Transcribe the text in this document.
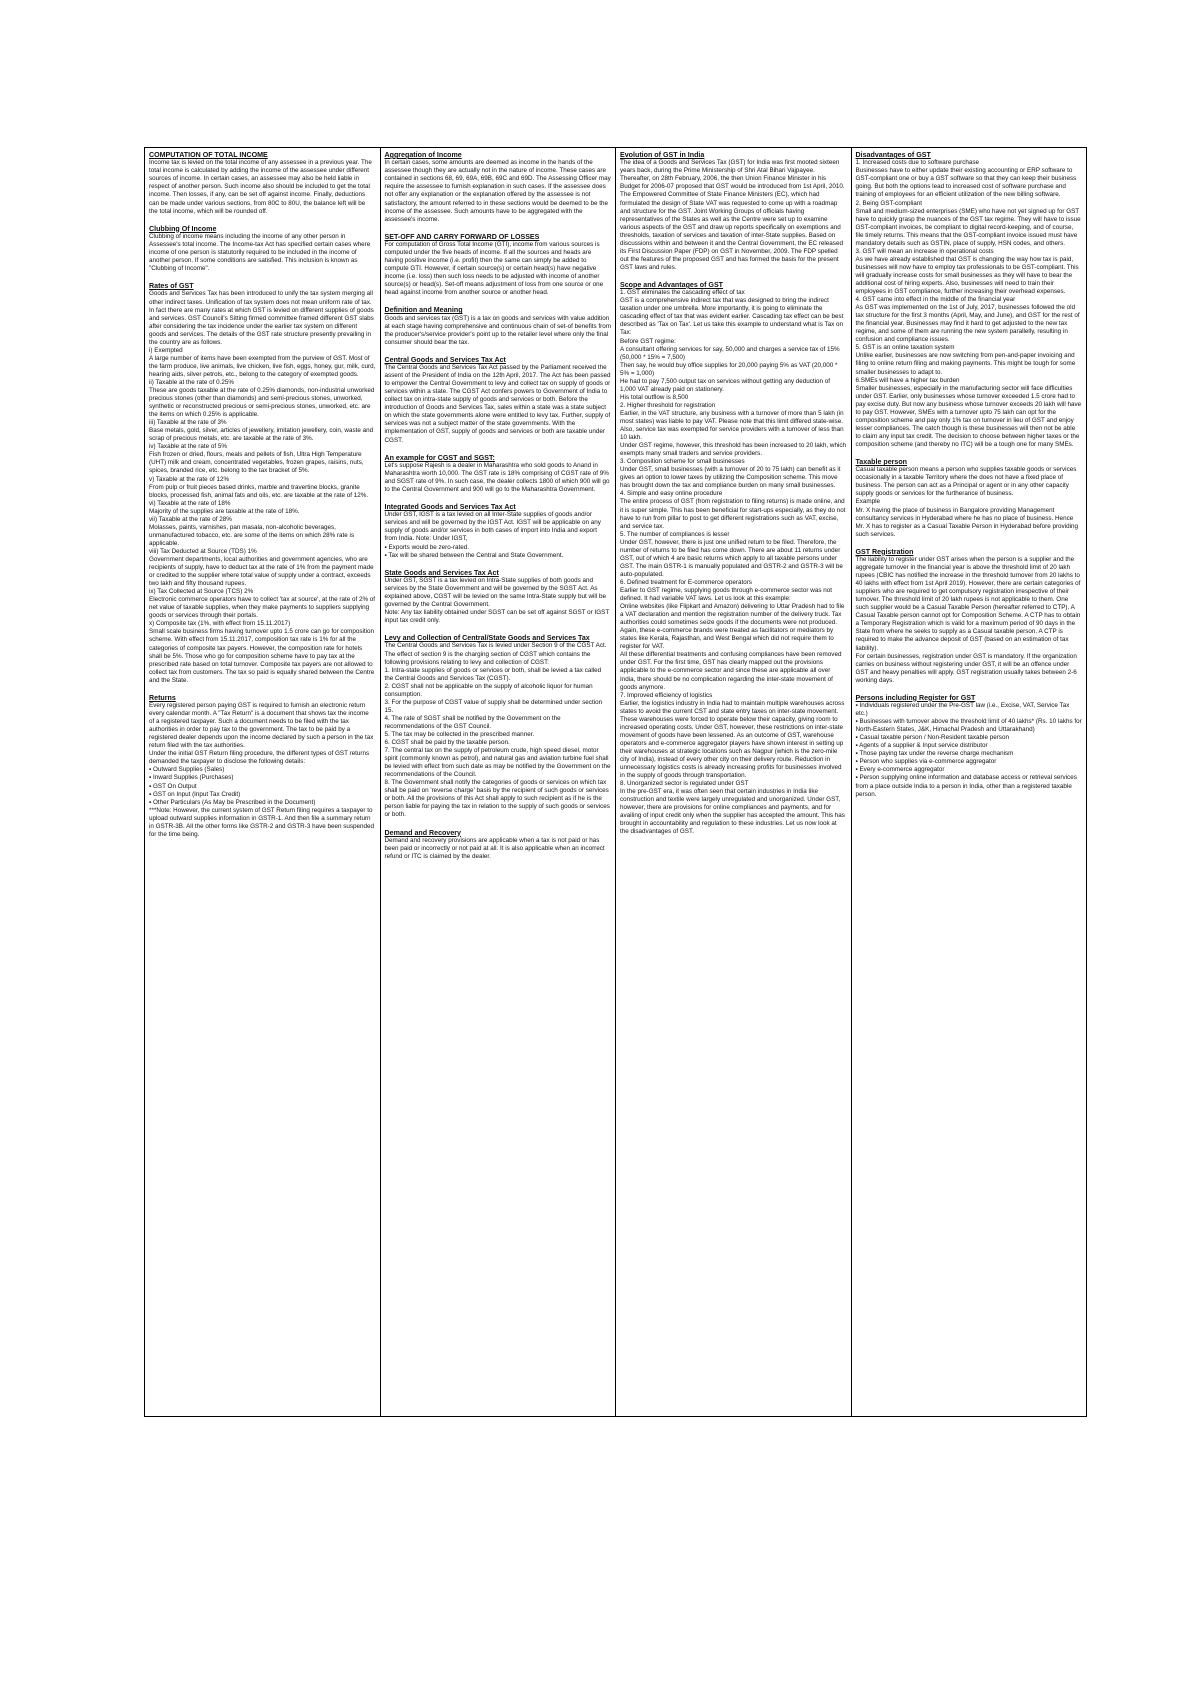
COMPUTATION OF TOTAL INCOME
Income tax is levied on the total income of any assessee in a previous year. The total income is calculated by adding the income of the assessee under different sources of income. In certain cases, an assessee may also be held liable in respect of another person. Such income also should be included to get the total income. Then losses, if any, can be set off against income. Finally, deductions can be made under various sections, from 80C to 80U, the balance left will be the total income, which will be rounded off.
Clubbing Of Income
Clubbing of income means including the income of any other person in Assessee's total income. The Income-tax Act has specified certain cases where income of one person is statutorily required to be included in the income of another person. If some conditions are satisfied. This inclusion is known as "Clubbing of Income".
Rates of GST
Goods and Services Tax has been introduced to unify the tax system merging all other indirect taxes. Unification of tax system does not mean uniform rate of tax. In fact there are many rates at which GST is levied on different supplies of goods and services. GST Council's Sitting firmed committee framed different GST slabs after considering the tax incidence under the earlier tax system on different goods and services. The details of the GST rate structure presently prevailing in the country are as follows.
i) Exempted
A large number of items have been exempted from the purview of GST. Most of the farm produce, live animals, live chicken, live fish, eggs, honey, gur, milk, curd, hearing aids, silver petrols, etc., belong to the category of exempted goods.
ii) Taxable at the rate of 0.25%
These are goods taxable at the rate of 0.25% diamonds, non-industrial unworked precious stones (other than diamonds) and semi-precious stones, unworked, synthetic or reconstructed precious or semi-precious stones, unworked, etc. are the items on which 0.25% is applicable.
iii) Taxable at the rate of 3%
Base metals, gold, silver, articles of jewellery, imitation jewellery, coin, waste and scrap of precious metals, etc. are taxable at the rate of 3%.
iv) Taxable at the rate of 5%
Fish frozen or dried, flours, meals and pellets of fish, Ultra High Temperature (UHT) milk and cream, concentrated vegetables, frozen grapes, raisins, nuts, spices, branded rice, etc. belong to the tax bracket of 5%.
v) Taxable at the rate of 12%
From pulp or fruit pieces based drinks, marble and travertine blocks, granite blocks, processed fish, animal fats and oils, etc. are taxable at the rate of 12%.
vi) Taxable at the rate of 18%
Majority of the supplies are taxable at the rate of 18%.
vii) Taxable at the rate of 28%
Molasses, paints, varnishes, pan masala, non-alcoholic beverages, unmanufactured tobacco, etc. are some of the items on which 28% rate is applicable.
viii) Tax Deducted at Source (TDS) 1%
Government departments, local authorities and government agencies, who are recipients of supply, have to deduct tax at the rate of 1% from the payment made or credited to the supplier where total value of supply under a contract, exceeds two lakh and fifty thousand rupees.
ix) Tax Collected at Source (TCS) 2%
Electronic commerce operators have to collect 'tax at source', at the rate of 2% of net value of taxable supplies, when they make payments to suppliers supplying goods or services through their portals.
x) Composite tax (1%, with effect from 15.11.2017)
Small scale business firms having turnover upto 1.5 crore can go for composition scheme. With effect from 15.11.2017, composition tax rate is 1% for all the categories of composite tax payers. However, the composition rate for hotels shall be 5%. Those who go for composition scheme have to pay tax at the prescribed rate based on total turnover. Composite tax payers are not allowed to collect tax from customers. The tax so paid is equally shared between the Centre and the State.
Returns
Every registered person paying GST is required to furnish an electronic return every calendar month. A "Tax Return" is a document that shows tax the income of a registered taxpayer. Such a document needs to be filed with the tax authorities in order to pay tax to the government. The tax to be paid by a registered dealer depends upon the income declared by such a person in the tax return filed with the tax authorities.
Under the initial GST Return filing procedure, the different types of GST returns demanded the taxpayer to disclose the following details:
▪ Outward Supplies (Sales)
▪ Inward Supplies (Purchases)
▪ GST On Output
▪ GST on Input (Input Tax Credit)
▪ Other Particulars (As May be Prescribed in the Document)
***Note: However, the current system of GST Return filing requires a taxpayer to upload outward supplies information in GSTR-1. And then file a summary return in GSTR-3B. All the other forms like GSTR-2 and GSTR-3 have been suspended for the time being.
Aggregation of Income
In certain cases, some amounts are deemed as income in the hands of the assessee though they are actually not in the nature of income. These cases are contained in sections 68, 69, 69A, 69B, 69C and 69D. The Assessing Officer may require the assessee to furnish explanation in such cases. If the assessee does not offer any explanation or the explanation offered by the assessee is not satisfactory, the amount referred to in these sections would be deemed to be the income of the assessee. Such amounts have to be aggregated with the assessee's income.
SET-OFF AND CARRY FORWARD OF LOSSES
For computation of Gross Total Income (GTI), income from various sources is computed under the five heads of income. If all the sources and heads are having positive income (i.e. profit) then the same can simply be added to compute GTI. However, if certain source(s) or certain head(s) have negative income (i.e. loss) then such loss needs to be adjusted with income of another source(s) or head(s). Set-off means adjustment of loss from one source or one head against income from another source or another head.
Definition and Meaning
Goods and services tax (GST) is a tax on goods and services with value addition at each stage having comprehensive and continuous chain of set-of benefits from the producer's/service provider's point up to the retailer level where only the final consumer should bear the tax.
Central Goods and Services Tax Act
The Central Goods and Services Tax Act passed by the Parliament received the assent of the President of India on the 12th April, 2017. The Act has been passed to empower the Central Government to levy and collect tax on supply of goods or services within a state. The CGST Act confers powers to Government of India to collect tax on intra-state supply of goods and services or both. Before the introduction of Goods and Services Tax, sales within a state was a state subject on which the state governments alone were entitled to levy tax. Further, supply of services was not a subject matter of the state governments. With the implementation of GST, supply of goods and services or both are taxable under CGST.
An example for CGST and SGST:
Let's suppose Rajesh is a dealer in Maharashtra who sold goods to Anand in Maharashtra worth 10,000. The GST rate is 18% comprising of CGST rate of 9% and SGST rate of 9%. In such case, the dealer collects 1800 of which 900 will go to the Central Government and 900 will go to the Maharashtra Government.
Integrated Goods and Services Tax Act
Under GST, IGST is a tax levied on all Inter-State supplies of goods and/or services and will be governed by the IGST Act. IGST will be applicable on any supply of goods and/or services in both cases of import into India and export from India. Note: Under IGST,
▪ Exports would be zero-rated.
▪ Tax will be shared between the Central and State Government.
State Goods and Services Tax Act
Under GST, SGST is a tax levied on Intra-State supplies of both goods and services by the State Government and will be governed by the SGST Act. As explained above, CGST will be levied on the same Intra-State supply but will be governed by the Central Government.
Note: Any tax liability obtained under SGST can be set off against SGST or IGST input tax credit only.
Levy and Collection of Central/State Goods and Services Tax
The Central Goods and Services Tax is levied under Section 9 of the CGST Act. The effect of section 9 is the charging section of CGST which contains the following provisions relating to levy and collection of CGST:
1. Intra-state supplies of goods or services or both, shall be levied a tax called the Central Goods and Services Tax (CGST).
2. CGST shall not be applicable on the supply of alcoholic liquor for human consumption.
3. For the purpose of CGST value of supply shall be determined under section 15.
4. The rate of SGST shall be notified by the Government on the recommendations of the GST Council.
5. The tax may be collected in the prescribed manner.
6. CGST shall be paid by the taxable person.
7. The central tax on the supply of petroleum crude, high speed diesel, motor spirit (commonly known as petrol), and natural gas and aviation turbine fuel shall be levied with effect from such date as may be notified by the Government on the recommendations of the Council.
8. The Government shall notify the categories of goods or services on which tax shall be paid on 'reverse charge' basis by the recipient of such goods or services or both. All the provisions of this Act shall apply to such recipient as if he is the person liable for paying the tax in relation to the supply of such goods or services or both.
Demand and Recovery
Demand and recovery provisions are applicable when a tax is not paid or has been paid or incorrectly or not paid at all. It is also applicable when an incorrect refund or ITC is claimed by the dealer.
Evolution of GST in India
The idea of a Goods and Services Tax (GST) for India was first mooted sixteen years back, during the Prime Ministership of Shri Atal Bihari Vajpayee. Thereafter, on 28th February, 2006, the then Union Finance Minister in his Budget for 2006-07 proposed that GST would be introduced from 1st April, 2010. The Empowered Committee of State Finance Ministers (EC), which had formulated the design of State VAT was requested to come up with a roadmap and structure for the GST. Joint Working Groups of officials having representatives of the States as well as the Centre were set up to examine various aspects of the GST and draw up reports specifically on exemptions and thresholds, taxation of services and taxation of inter-State supplies. Based on discussions within and between it and the Central Government, the EC released its First Discussion Paper (FDP) on GST in November, 2009. The FDP spelled out the features of the proposed GST and has formed the basis for the present GST laws and rules.
Scope and Advantages of GST
1. GST eliminates the cascading effect of tax
GST is a comprehensive indirect tax that was designed to bring the indirect taxation under one umbrella. More importantly, it is going to eliminate the cascading effect of tax that was evident earlier. Cascading tax effect can be best described as 'Tax on Tax'. Let us take this example to understand what is Tax on Tax:
Before GST regime:
A consultant offering services for say, 50,000 and charges a service tax of 15% (50,000 * 15% = 7,500)
Then say, he would buy office supplies for 20,000 paying 5% as VAT (20,000 * 5% = 1,000)
He had to pay 7,500 output tax on services without getting any deduction of 1,000 VAT already paid on stationery.
His total outflow is 8,500
2. Higher threshold for registration
Earlier, in the VAT structure, any business with a turnover of more than 5 lakh (in most states) was liable to pay VAT. Please note that this limit differed state-wise. Also, service tax was exempted for service providers with a turnover of less than 10 lakh.
Under GST regime, however, this threshold has been increased to 20 lakh, which exempts many small traders and service providers.
3. Composition scheme for small businesses
Under GST, small businesses (with a turnover of 20 to 75 lakh) can benefit as it gives an option to lower taxes by utilizing the Composition scheme. This move has brought down the tax and compliance burden on many small businesses.
4. Simple and easy online procedure
The entire process of GST (from registration to filing returns) is made online, and it is super simple. This has been beneficial for start-ups especially, as they do not have to run from pillar to post to get different registrations such as VAT, excise, and service tax.
5. The number of compliances is lesser
Under GST, however, there is just one unified return to be filed. Therefore, the number of returns to be filed has come down. There are about 11 returns under GST, out of which 4 are basic returns which apply to all taxable persons under GST. The main GSTR-1 is manually populated and GSTR-2 and GSTR-3 will be auto-populated.
6. Defined treatment for E-commerce operators
Earlier to GST regime, supplying goods through e-commerce sector was not defined. It had variable VAT laws. Let us look at this example:
Online websites (like Flipkart and Amazon) delivering to Uttar Pradesh had to file a VAT declaration and mention the registration number of the delivery truck. Tax authorities could sometimes seize goods if the documents were not produced.
Again, these e-commerce brands were treated as facilitators or mediators by states like Kerala, Rajasthan, and West Bengal which did not require them to register for VAT.
All these differential treatments and confusing compliances have been removed under GST. For the first time, GST has clearly mapped out the provisions applicable to the e-commerce sector and since these are applicable all over India, there should be no complication regarding the inter-state movement of goods anymore.
7. Improved efficiency of logistics
Earlier, the logistics industry in India had to maintain multiple warehouses across states to avoid the current CST and state entry taxes on inter-state movement. These warehouses were forced to operate below their capacity, giving room to increased operating costs. Under GST, however, these restrictions on inter-state movement of goods have been lessened. As an outcome of GST, warehouse operators and e-commerce aggregator players have shown interest in setting up their warehouses at strategic locations such as Nagpur (which is the zero-mile city of India), instead of every other city on their delivery route. Reduction in unnecessary logistics costs is already increasing profits for businesses involved in the supply of goods through transportation.
8. Unorganized sector is regulated under GST
In the pre-GST era, it was often seen that certain industries in India like construction and textile were largely unregulated and unorganized. Under GST, however, there are provisions for online compliances and payments, and for availing of input credit only when the supplier has accepted the amount. This has brought in accountability and regulation to these industries. Let us now look at the disadvantages of GST.
Disadvantages of GST
1. Increased costs due to software purchase
Businesses have to either update their existing accounting or ERP software to GST-compliant one or buy a GST software so that they can keep their business going. But both the options lead to increased cost of software purchase and training of employees for an efficient utilization of the new billing software.
2. Being GST-compliant
Small and medium-sized enterprises (SME) who have not yet signed up for GST have to quickly grasp the nuances of the GST tax regime. They will have to issue GST-compliant invoices, be compliant to digital record-keeping, and of course, file timely returns. This means that the GST-compliant invoice issued must have mandatory details such as GSTIN, place of supply, HSN codes, and others.
3. GST will mean an increase in operational costs
As we have already established that GST is changing the way how tax is paid, businesses will now have to employ tax professionals to be GST-compliant. This will gradually increase costs for small businesses as they will have to bear the additional cost of hiring experts. Also, businesses will need to train their employees in GST compliance, further increasing their overhead expenses.
4. GST came into effect in the middle of the financial year
As GST was implemented on the 1st of July, 2017, businesses followed the old tax structure for the first 3 months (April, May, and June), and GST for the rest of the financial year. Businesses may find it hard to get adjusted to the new tax regime, and some of them are running the new system parallelly, resulting in confusion and compliance issues.
5. GST is an online taxation system
Unlike earlier, businesses are now switching from pen-and-paper invoicing and filing to online return filing and making payments. This might be tough for some smaller businesses to adapt to.
6.SMEs will have a higher tax burden
Smaller businesses, especially in the manufacturing sector will face difficulties under GST. Earlier, only businesses whose turnover exceeded 1.5 crore had to pay excise duty. But now any business whose turnover exceeds 20 lakh will have to pay GST. However, SMEs with a turnover upto 75 lakh can opt for the composition scheme and pay only 1% tax on turnover in lieu of GST and enjoy lesser compliances. The catch though is these businesses will then not be able to claim any input tax credit. The decision to choose between higher taxes or the composition scheme (and thereby no ITC) will be a tough one for many SMEs.
Taxable person
Casual taxable person means a person who supplies taxable goods or services occasionally in a taxable Territory where the does not have a fixed place of business. The person can act as a Principal or agent or in any other capacity supply goods or services for the furtherance of business.
Example
Mr. X having the place of business in Bangalore providing Management consultancy services in Hyderabad where he has no place of business. Hence Mr. X has to register as a Casual Taxable Person in Hyderabad before providing such services.
GST Registration
The liability to register under GST arises when the person is a supplier and the aggregate turnover in the financial year is above the threshold limit of 20 lakh rupees (CBIC has notified the increase in the threshold turnover from 20 lakhs to 40 lakhs with effect from 1st April 2019). However, there are certain categories of suppliers who are required to get compulsory registration irrespective of their turnover. The threshold limit of 20 lakh rupees is not applicable to them. One such supplier would be a Casual Taxable Person (hereafter referred to CTP). A Casual Taxable person cannot opt for Composition Scheme. A CTP has to obtain a Temporary Registration which is valid for a maximum period of 90 days in the State from where he seeks to supply as a Casual taxable person. A CTP is required to make the advance deposit of GST (based on an estimation of tax liability).
For certain businesses, registration under GST is mandatory. If the organization carries on business without registering under GST, it will be an offence under GST and heavy penalties will apply. GST registration usually takes between 2-6 working days.
Persons including Register for GST
▪ Individuals registered under the Pre-GST law (i.e., Excise, VAT, Service Tax etc.)
▪ Businesses with turnover above the threshold limit of 40 lakhs* (Rs. 10 lakhs for North-Eastern States, J&K, Himachal Pradesh and Uttarakhand)
▪ Casual taxable person / Non-Resident taxable person
▪ Agents of a supplier & Input service distributor
▪ Those paying tax under the reverse charge mechanism
▪ Person who supplies via e-commerce aggregator
▪ Every e-commerce aggregator
▪ Person supplying online information and database access or retrieval services from a place outside India to a person in India, other than a registered taxable person.
